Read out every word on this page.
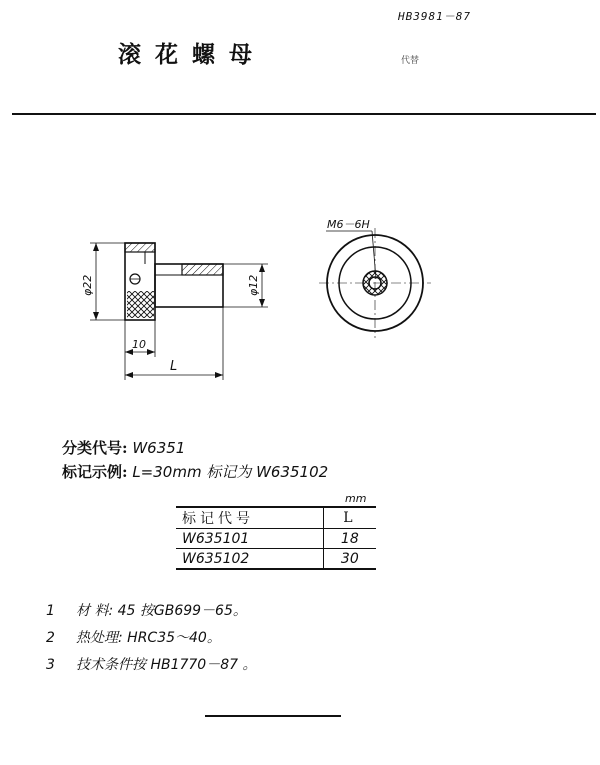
HB3981－87
滚花螺母	代替
φ22	φ12
10
L
M6－6H
分类代号: W6351
标记示例: L=30mm 标记为 W635102
mm
标记代号	L
W635101	18
W635102	30
1 材 料: 45 按GB699－65。
2 热处理: HRC35～40。
3 技术条件按 HB1770－87 。
